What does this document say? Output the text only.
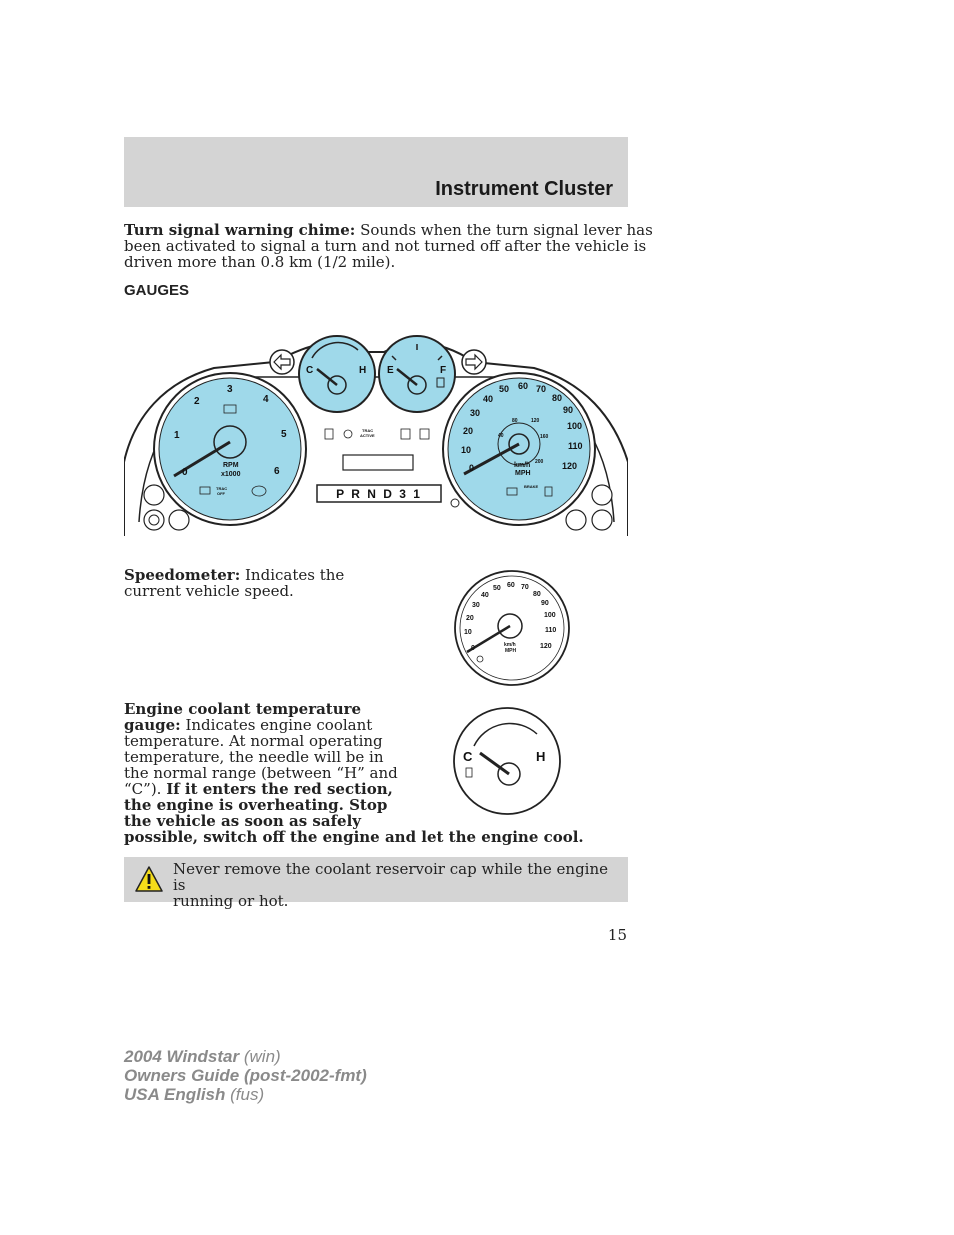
Instrument Cluster

Turn signal warning chime: Sounds when the turn signal lever has
been activated to signal a turn and not turned off after the vehicle is
driven more than 0.8 km (1/2 mile).

GAUGES
0
1
2
3
4
5
6
RPM
x1000
TRAC
OFF
C	H E	F
TRAC
ACTIVE
P R N D 3 1
0
10
20
30
40
50 60 70
80
90
100
110
120
40
80	120
160
200
km/h
MPH
BRAKE

Speedometer: Indicates the
current vehicle speed.

0
10
20
30
40
50 60 70
80
90
100
110
120
km/h
MPH

Engine coolant temperature
gauge: Indicates engine coolant
temperature. At normal operating
temperature, the needle will be in
the normal range (between “H” and
“C”). If it enters the red section,
the engine is overheating. Stop
the vehicle as soon as safely
possible, switch off the engine and let the engine cool.

C	H

Never remove the coolant reservoir cap while the engine is
running or hot.

15
2004 Windstar (win)
Owners Guide (post-2002-fmt)
USA English (fus)
